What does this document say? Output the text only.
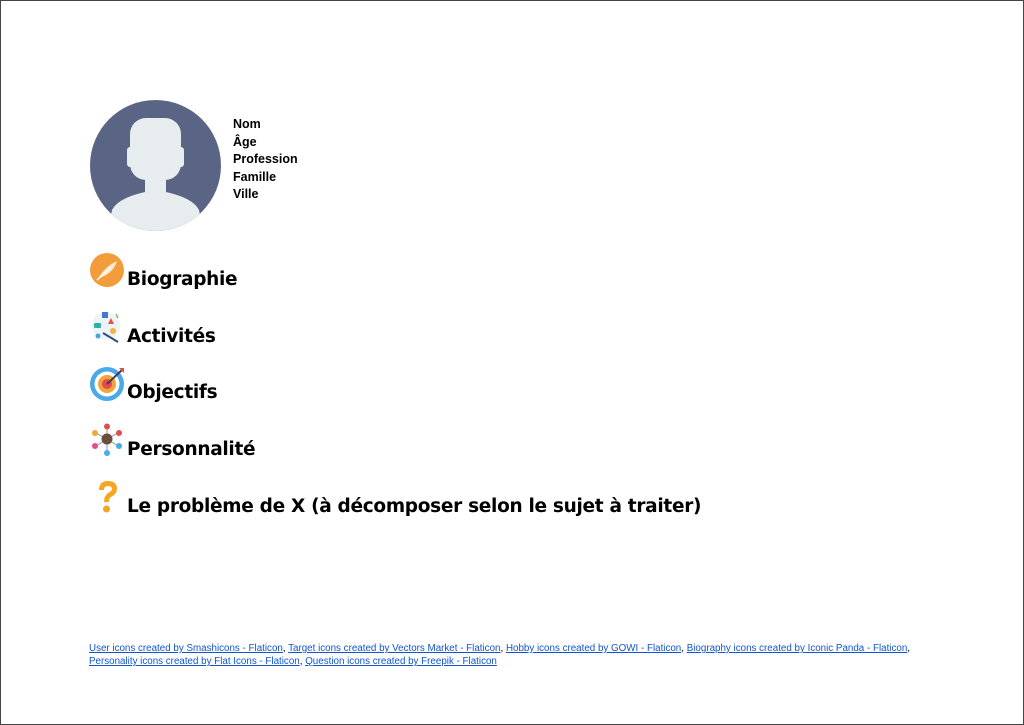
Nom
Âge
Profession
Famille
Ville
Biographie
Activités
Objectifs
Personnalité
Le problème de X (à décomposer selon le sujet à traiter)
User icons created by Smashicons - Flaticon, Target icons created by Vectors Market - Flaticon, Hobby icons created by GOWI - Flaticon, Biography icons created by Iconic Panda - Flaticon,
Personality icons created by Flat Icons - Flaticon, Question icons created by Freepik - Flaticon
